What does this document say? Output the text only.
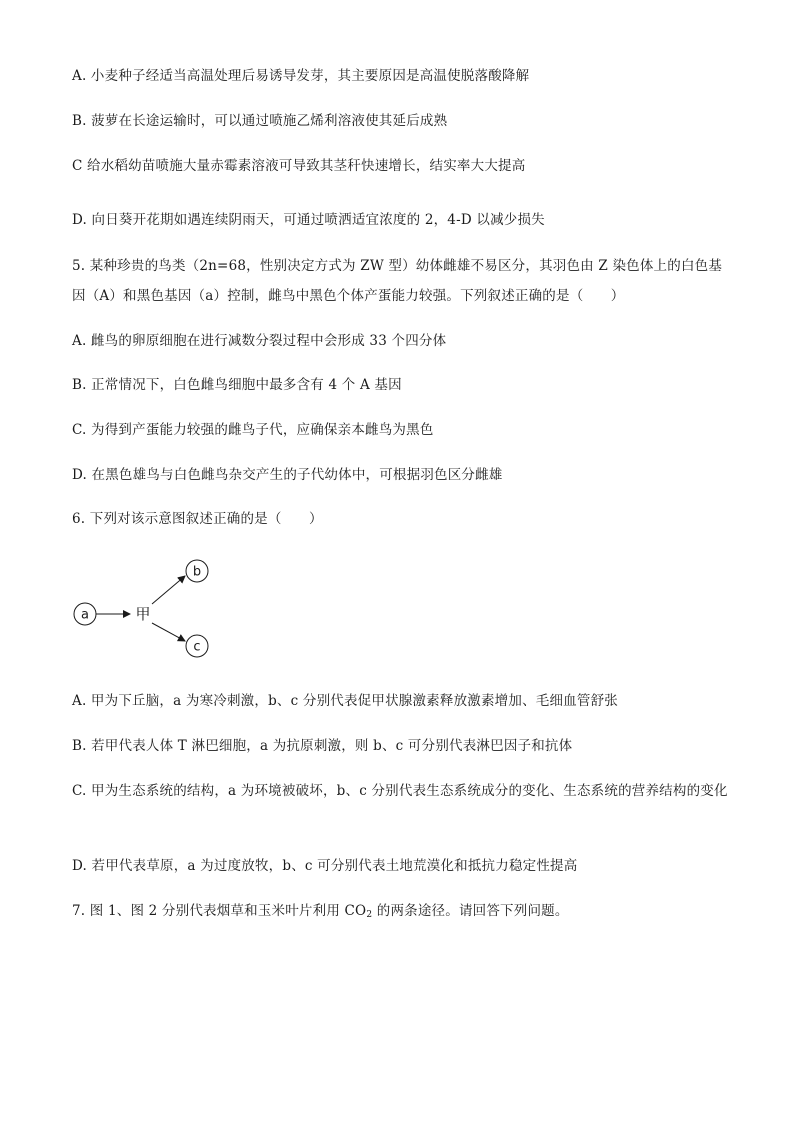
A. 小麦种子经适当高温处理后易诱导发芽，其主要原因是高温使脱落酸降解
B. 菠萝在长途运输时，可以通过喷施乙烯利溶液使其延后成熟
C 给水稻幼苗喷施大量赤霉素溶液可导致其茎秆快速增长，结实率大大提高
D. 向日葵开花期如遇连续阴雨天，可通过喷洒适宜浓度的 2，4-D 以减少损失
5. 某种珍贵的鸟类（2n=68，性别决定方式为 ZW 型）幼体雌雄不易区分，其羽色由 Z 染色体上的白色基
因（A）和黑色基因（a）控制，雌鸟中黑色个体产蛋能力较强。下列叙述正确的是（　　）
A. 雌鸟的卵原细胞在进行减数分裂过程中会形成 33 个四分体
B. 正常情况下，白色雌鸟细胞中最多含有 4 个 A 基因
C. 为得到产蛋能力较强的雌鸟子代，应确保亲本雌鸟为黑色
D. 在黑色雄鸟与白色雌鸟杂交产生的子代幼体中，可根据羽色区分雌雄
6. 下列对该示意图叙述正确的是（　　）
a	甲
b
c
A. 甲为下丘脑，a 为寒冷刺激，b、c 分别代表促甲状腺激素释放激素增加、毛细血管舒张
B. 若甲代表人体 T 淋巴细胞，a 为抗原刺激，则 b、c 可分别代表淋巴因子和抗体
C. 甲为生态系统的结构，a 为环境被破坏，b、c 分别代表生态系统成分的变化、生态系统的营养结构的变化
D. 若甲代表草原，a 为过度放牧，b、c 可分别代表土地荒漠化和抵抗力稳定性提高
7. 图 1、图 2 分别代表烟草和玉米叶片利用 $CO_2$ 的两条途径。请回答下列问题。
